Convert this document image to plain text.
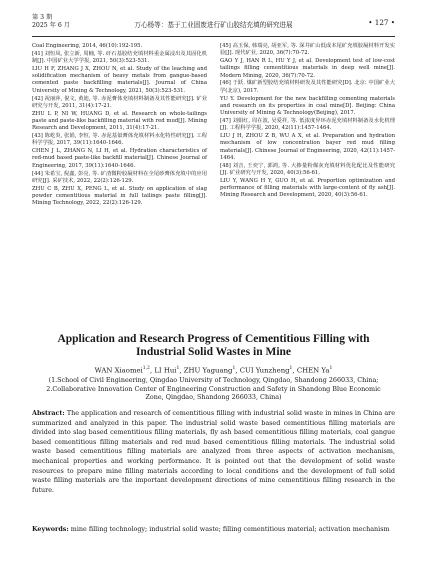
第 3 期
2025 年 6 月	万心杨等：基于工业固废进行矿山胶结充填的研究进展	• 127 •

Coal Engineering, 2014, 46(10):192-195.

[41] 刘恒凤, 张立新, 周楠, 等. 矸石基胶结充填材料重金属浸出及其固化机制[J]. 中国矿业大学学报, 2021, 50(3):523-531.

LIU H F, ZHANG J X, ZHOU N, et al. Study of the leaching and solidification mechanism of heavy metals from gangue-based cemented paste backfilling materials[J]. Journal of China University of Mining & Technology, 2021, 50(3):523-531.

[42] 祝丽萍, 倪文, 黄迪, 等. 赤泥膏体充填材料制备及其性能研究[J]. 矿业研究与开发, 2011, 31(4):17-21.

ZHU L P, NI W, HUANG D, et al. Research on whole-tailings paste and paste-like backfilling material with red mud[J]. Mining Research and Development, 2011, 31(4):17-21.

[43] 陈屹炎, 张娟, 李恒, 等. 赤泥基似膏体充填材料水化特性研究[J]. 工程科学学报, 2017, 39(11):1640-1646.

CHEN J L, ZHANG N, LI H, et al. Hydration characteristics of red-mud based paste-like backfill material[J]. Chinese Journal of Engineering, 2017, 39(11):1640-1646.

[44] 朱希宝, 倪鑫, 彭亮, 等. 矿渣微粉胶凝材料在全尾砂膏体充填中的应用研究[J]. 采矿技术, 2022, 22(2):126-129.

ZHU C B, ZHU X, PENG L, et al. Study on application of slag powder cementitious material in full tailings paste filling[J]. Mining Technology, 2022, 22(2):126-129.

[45] 高玉保, 韩瑞亮, 胡亚军, 等. 深井矿山低成本尾矿充填胶凝材料开发实验[J]. 现代矿业, 2020, 36(7):70-72.

GAO Y J, HAN R L, HU Y J, et al. Development test of low-cost tailings filling cementitious materials in deep well mine[J]. Modern Mining, 2020, 36(7):70-72.

[46] 于跃. 煤矿新型胶结充填材料研发及其性能研究[D]. 北京: 中国矿业大学(北京), 2017.

YU Y. Development for the new backfilling cementing materials and research on its properties in coal mine[D]. Beijing: China University of Mining & Technology(Beijing), 2017.

[47] 刘娟红, 周在波, 吴爱祥, 等. 低浓度异环赤泥充填材料制备及水化机理[J]. 工程科学学报, 2020, 42(11):1457-1464.

LIU J H, ZHOU Z B, WU A X, et al. Preparation and hydration mechanism of low concentration bayer red mud filling materials[J]. Chinese Journal of Engineering, 2020, 42(11):1457-1464.

[48] 刘音, 王奕宁, 郭鸿, 等. 大掺量粉煤灰充填材料优化配比及性能研究[J]. 矿业研究与开发, 2020, 40(3):56-61.

LIU Y, WANG H Y, GUO H, et al. Proportion optimization and performance of filling materials with large-content of fly ash[J]. Mining Research and Development, 2020, 40(3):56-61.

Application and Research Progress of Cementitious Filling with Industrial Solid Wastes in Mine
WAN Xiaomei$^{1,2}$, LI Hui$^1$, ZHU Yaguang$^1$, CUI Yunzheng$^1$, CHEN Ya$^1$
(1.School of Civil Engineering, Qingdao University of Technology, Qingdao, Shandong 266033, China;
2.Collaborative Innovation Center of Engineering Construction and Safety in Shandong Blue Economic Zone, Qingdao, Shandong 266033, China)
Abstract: The application and research of cementitious filling with industrial solid waste in mines in China are summarized and analyzed in this paper. The industrial solid waste based cementitious filling materials are divided into slag based cementitious filling materials, fly ash based cementitious filling materials, coal gangue based cementitious filling materials and red mud based cementitious filling materials. The industrial solid waste based cementitious filling materials are analyzed from three aspects of activation mechanism, mechanical properties and working performance. It is pointed out that the development of solid waste resources to prepare mine filling materials according to local conditions and the development of full solid waste filling materials are the important development directions of mine cementitious filling research in the future.
Keywords: mine filling technology; industrial solid waste; filling cementitious material; activation mechanism
